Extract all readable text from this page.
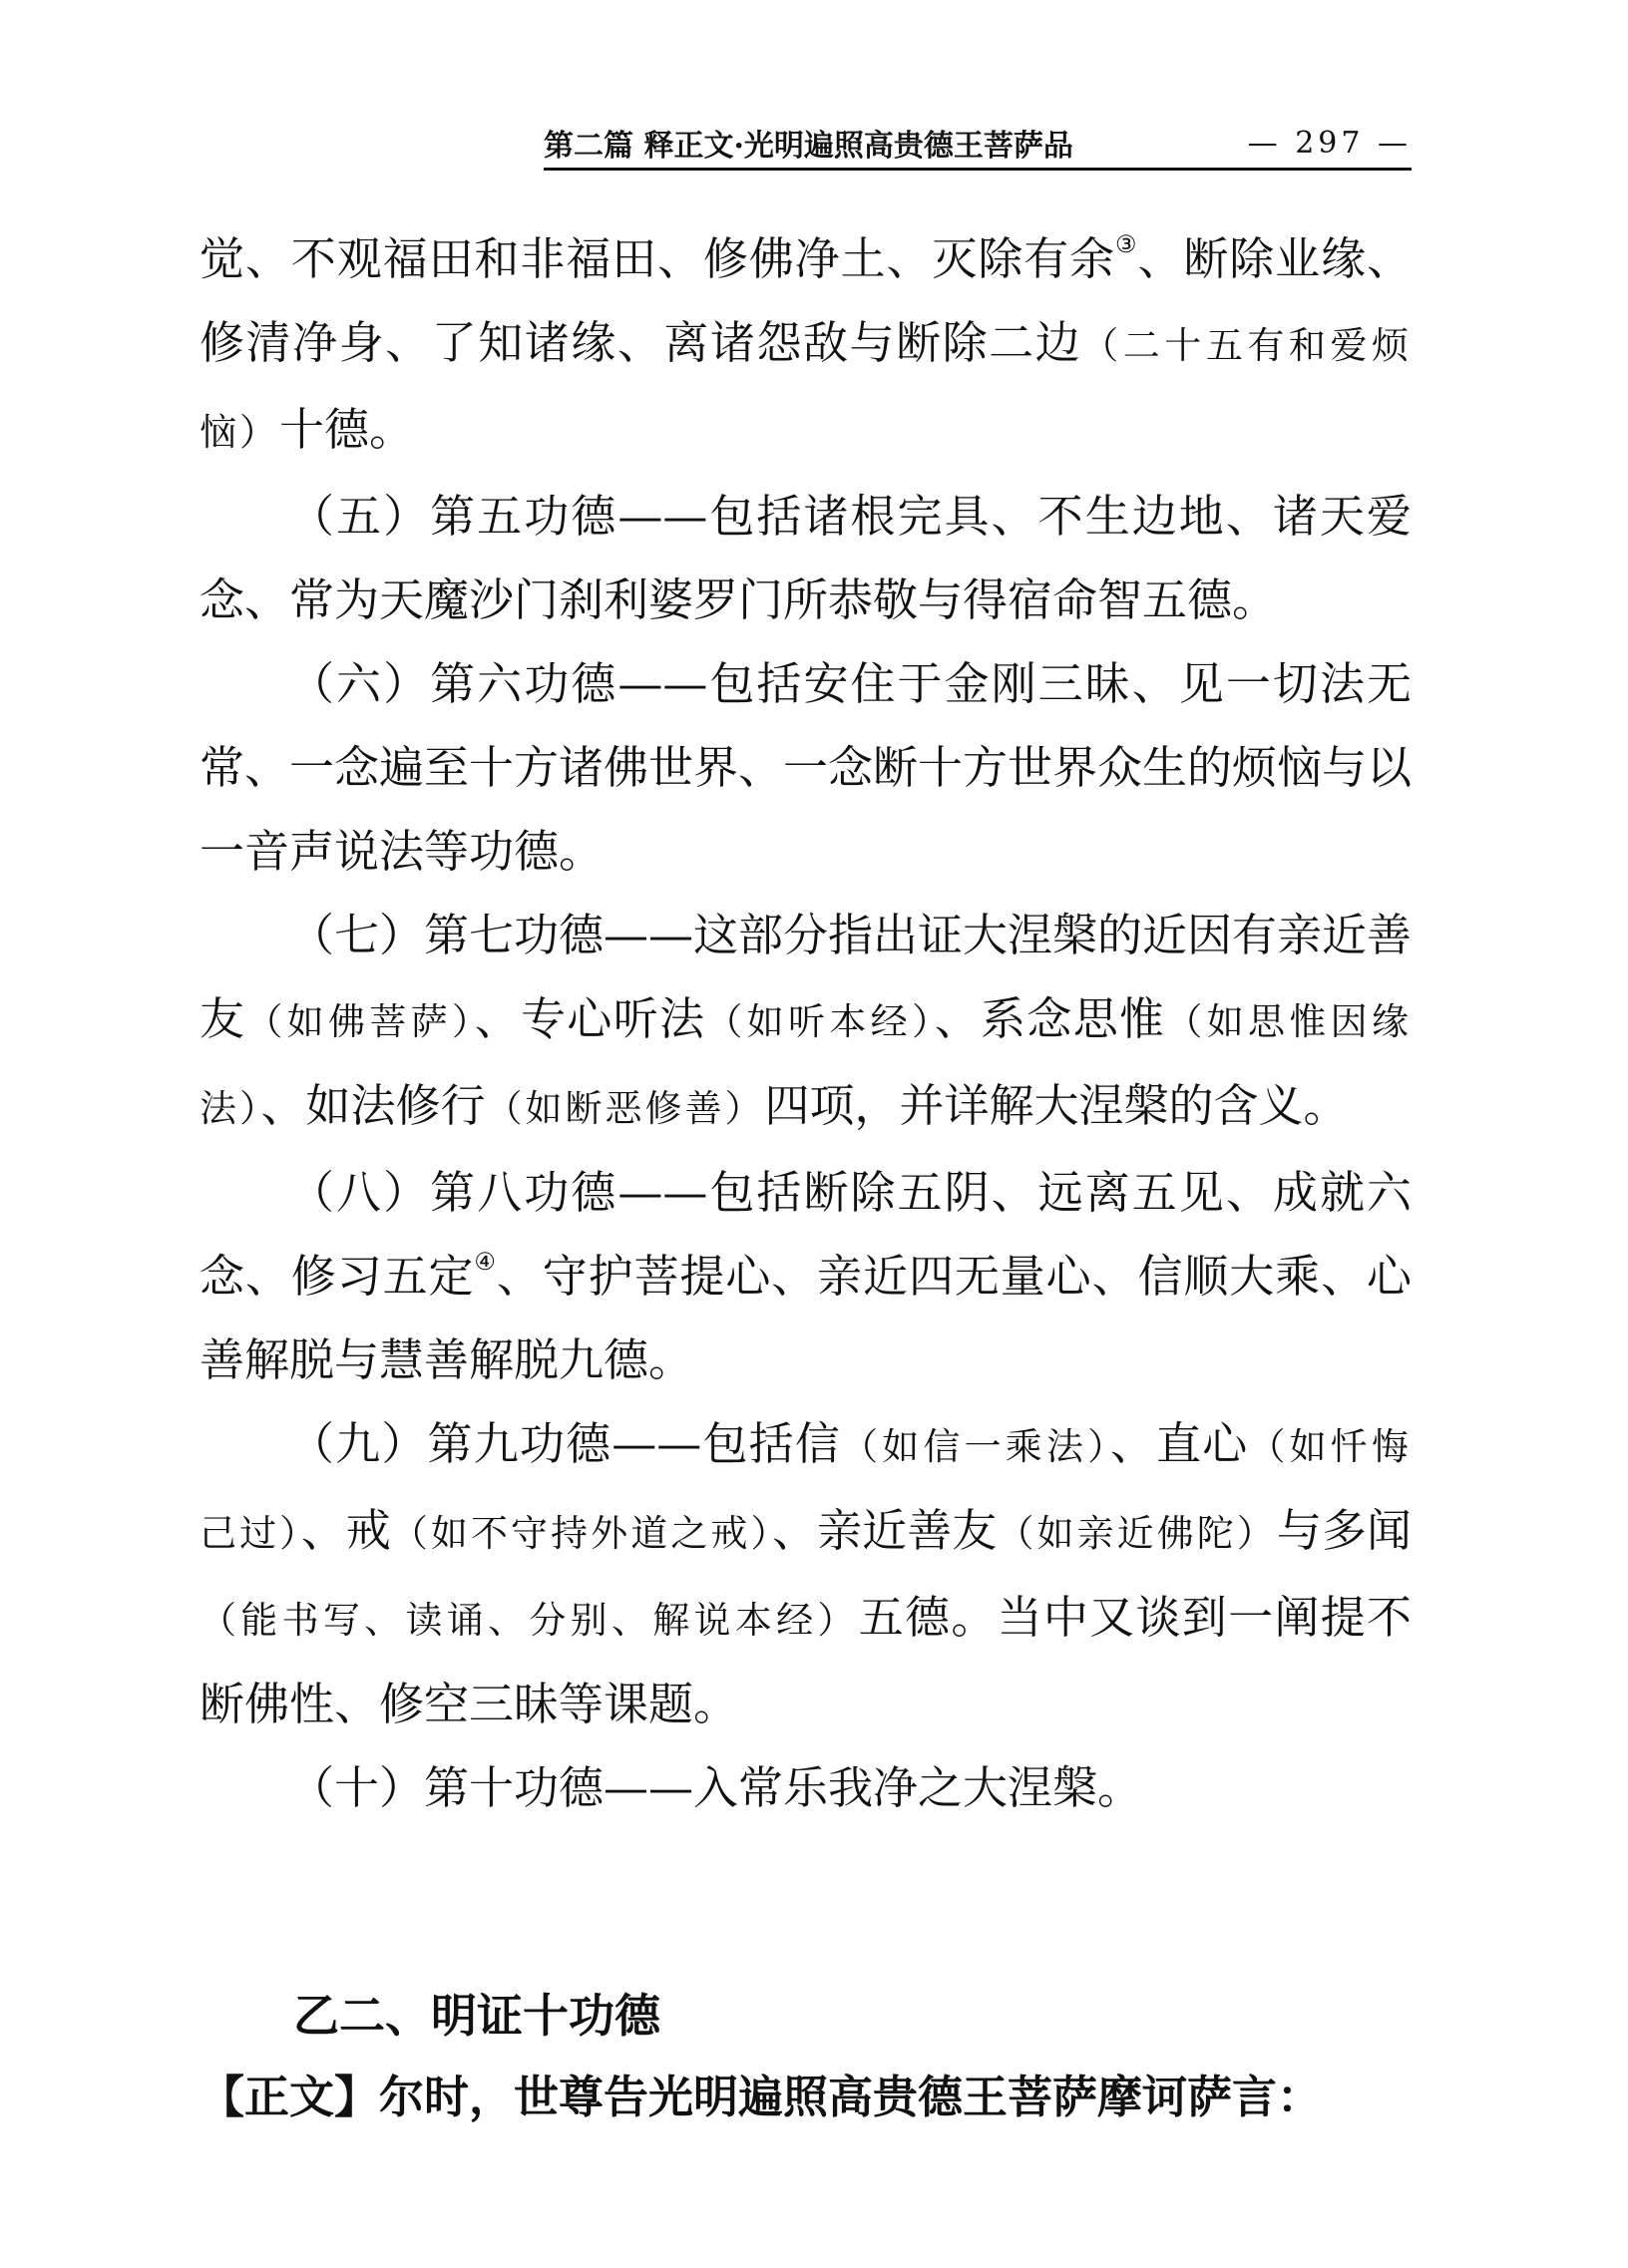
第二篇 释正文·光明遍照高贵德王菩萨品	— 297 —

觉、不观福田和非福田、修佛净土、灭除有余③、断除业缘、修清净身、了知诸缘、离诸怨敌与断除二边（二十五有和爱烦恼）十德。

（五）第五功德——包括诸根完具、不生边地、诸天爱念、常为天魔沙门刹利婆罗门所恭敬与得宿命智五德。

（六）第六功德——包括安住于金刚三昧、见一切法无常、一念遍至十方诸佛世界、一念断十方世界众生的烦恼与以一音声说法等功德。

（七）第七功德——这部分指出证大涅槃的近因有亲近善友（如佛菩萨）、专心听法（如听本经）、系念思惟（如思惟因缘法）、如法修行（如断恶修善）四项，并详解大涅槃的含义。

（八）第八功德——包括断除五阴、远离五见、成就六念、修习五定④、守护菩提心、亲近四无量心、信顺大乘、心善解脱与慧善解脱九德。

（九）第九功德——包括信（如信一乘法）、直心（如忏悔己过）、戒（如不守持外道之戒）、亲近善友（如亲近佛陀）与多闻（能书写、读诵、分别、解说本经）五德。当中又谈到一阐提不断佛性、修空三昧等课题。

（十）第十功德——入常乐我净之大涅槃。

乙二、明证十功德
【正文】尔时，世尊告光明遍照高贵德王菩萨摩诃萨言：
